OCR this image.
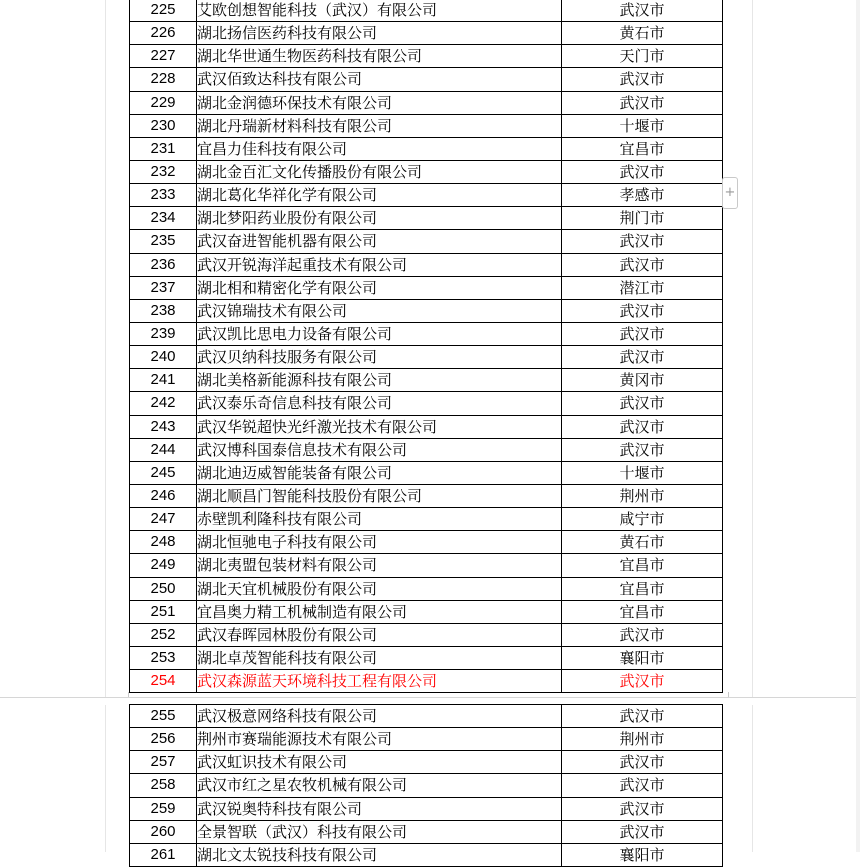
225	艾欧创想智能科技（武汉）有限公司	武汉市
226	湖北扬信医药科技有限公司	黄石市
227	湖北华世通生物医药科技有限公司	天门市
228	武汉佰致达科技有限公司	武汉市
229	湖北金润德环保技术有限公司	武汉市
230	湖北丹瑞新材料科技有限公司	十堰市
231	宜昌力佳科技有限公司	宜昌市
232	湖北金百汇文化传播股份有限公司	武汉市
233	湖北葛化华祥化学有限公司	孝感市
234	湖北梦阳药业股份有限公司	荆门市
235	武汉奋进智能机器有限公司	武汉市
236	武汉开锐海洋起重技术有限公司	武汉市
237	湖北相和精密化学有限公司	潜江市
238	武汉锦瑞技术有限公司	武汉市
239	武汉凯比思电力设备有限公司	武汉市
240	武汉贝纳科技服务有限公司	武汉市
241	湖北美格新能源科技有限公司	黄冈市
242	武汉泰乐奇信息科技有限公司	武汉市
243	武汉华锐超快光纤激光技术有限公司	武汉市
244	武汉博科国泰信息技术有限公司	武汉市
245	湖北迪迈威智能装备有限公司	十堰市
246	湖北顺昌门智能科技股份有限公司	荆州市
247	赤壁凯利隆科技有限公司	咸宁市
248	湖北恒驰电子科技有限公司	黄石市
249	湖北夷盟包装材料有限公司	宜昌市
250	湖北天宜机械股份有限公司	宜昌市
251	宜昌奥力精工机械制造有限公司	宜昌市
252	武汉春晖园林股份有限公司	武汉市
253	湖北卓茂智能科技有限公司	襄阳市
254	武汉森源蓝天环境科技工程有限公司	武汉市
255	武汉极意网络科技有限公司	武汉市
256	荆州市赛瑞能源技术有限公司	荆州市
257	武汉虹识技术有限公司	武汉市
258	武汉市红之星农牧机械有限公司	武汉市
259	武汉锐奥特科技有限公司	武汉市
260	全景智联（武汉）科技有限公司	武汉市
261	湖北文太锐技科技有限公司	襄阳市
+
